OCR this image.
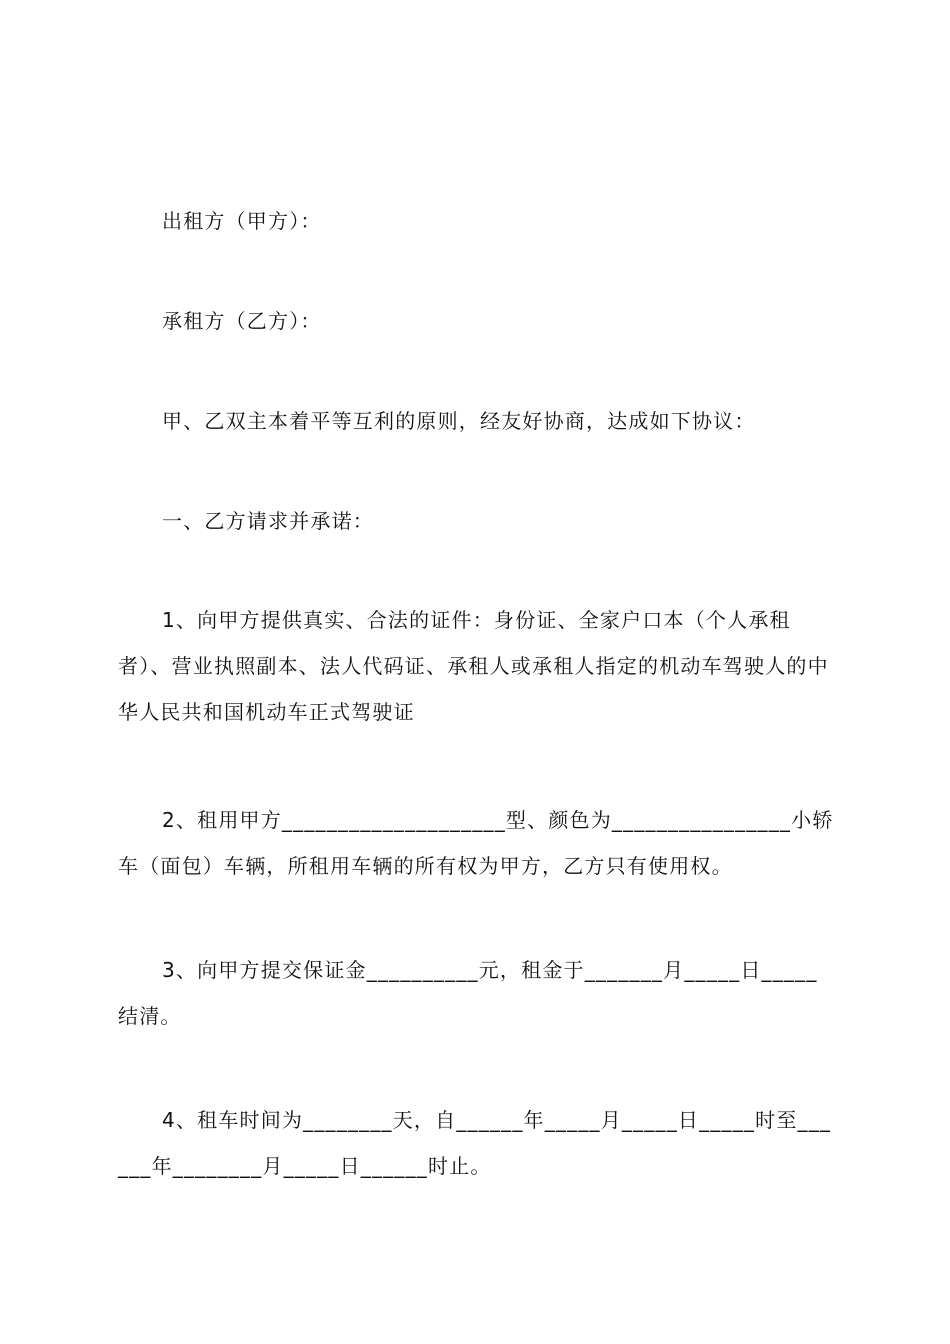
出租方（甲方）：

承租方（乙方）：

甲、乙双主本着平等互利的原则，经友好协商，达成如下协议：

一、乙方请求并承诺：

1、向甲方提供真实、合法的证件：身份证、全家户口本（个人承租者）、营业执照副本、法人代码证、承租人或承租人指定的机动车驾驶人的中华人民共和国机动车正式驾驶证

2、租用甲方____________________型、颜色为________________小轿车（面包）车辆，所租用车辆的所有权为甲方，乙方只有使用权。

3、向甲方提交保证金__________元，租金于_______月_____日_____结清。

4、租车时间为________天，自______年_____月_____日_____时至______年________月_____日______时止。
